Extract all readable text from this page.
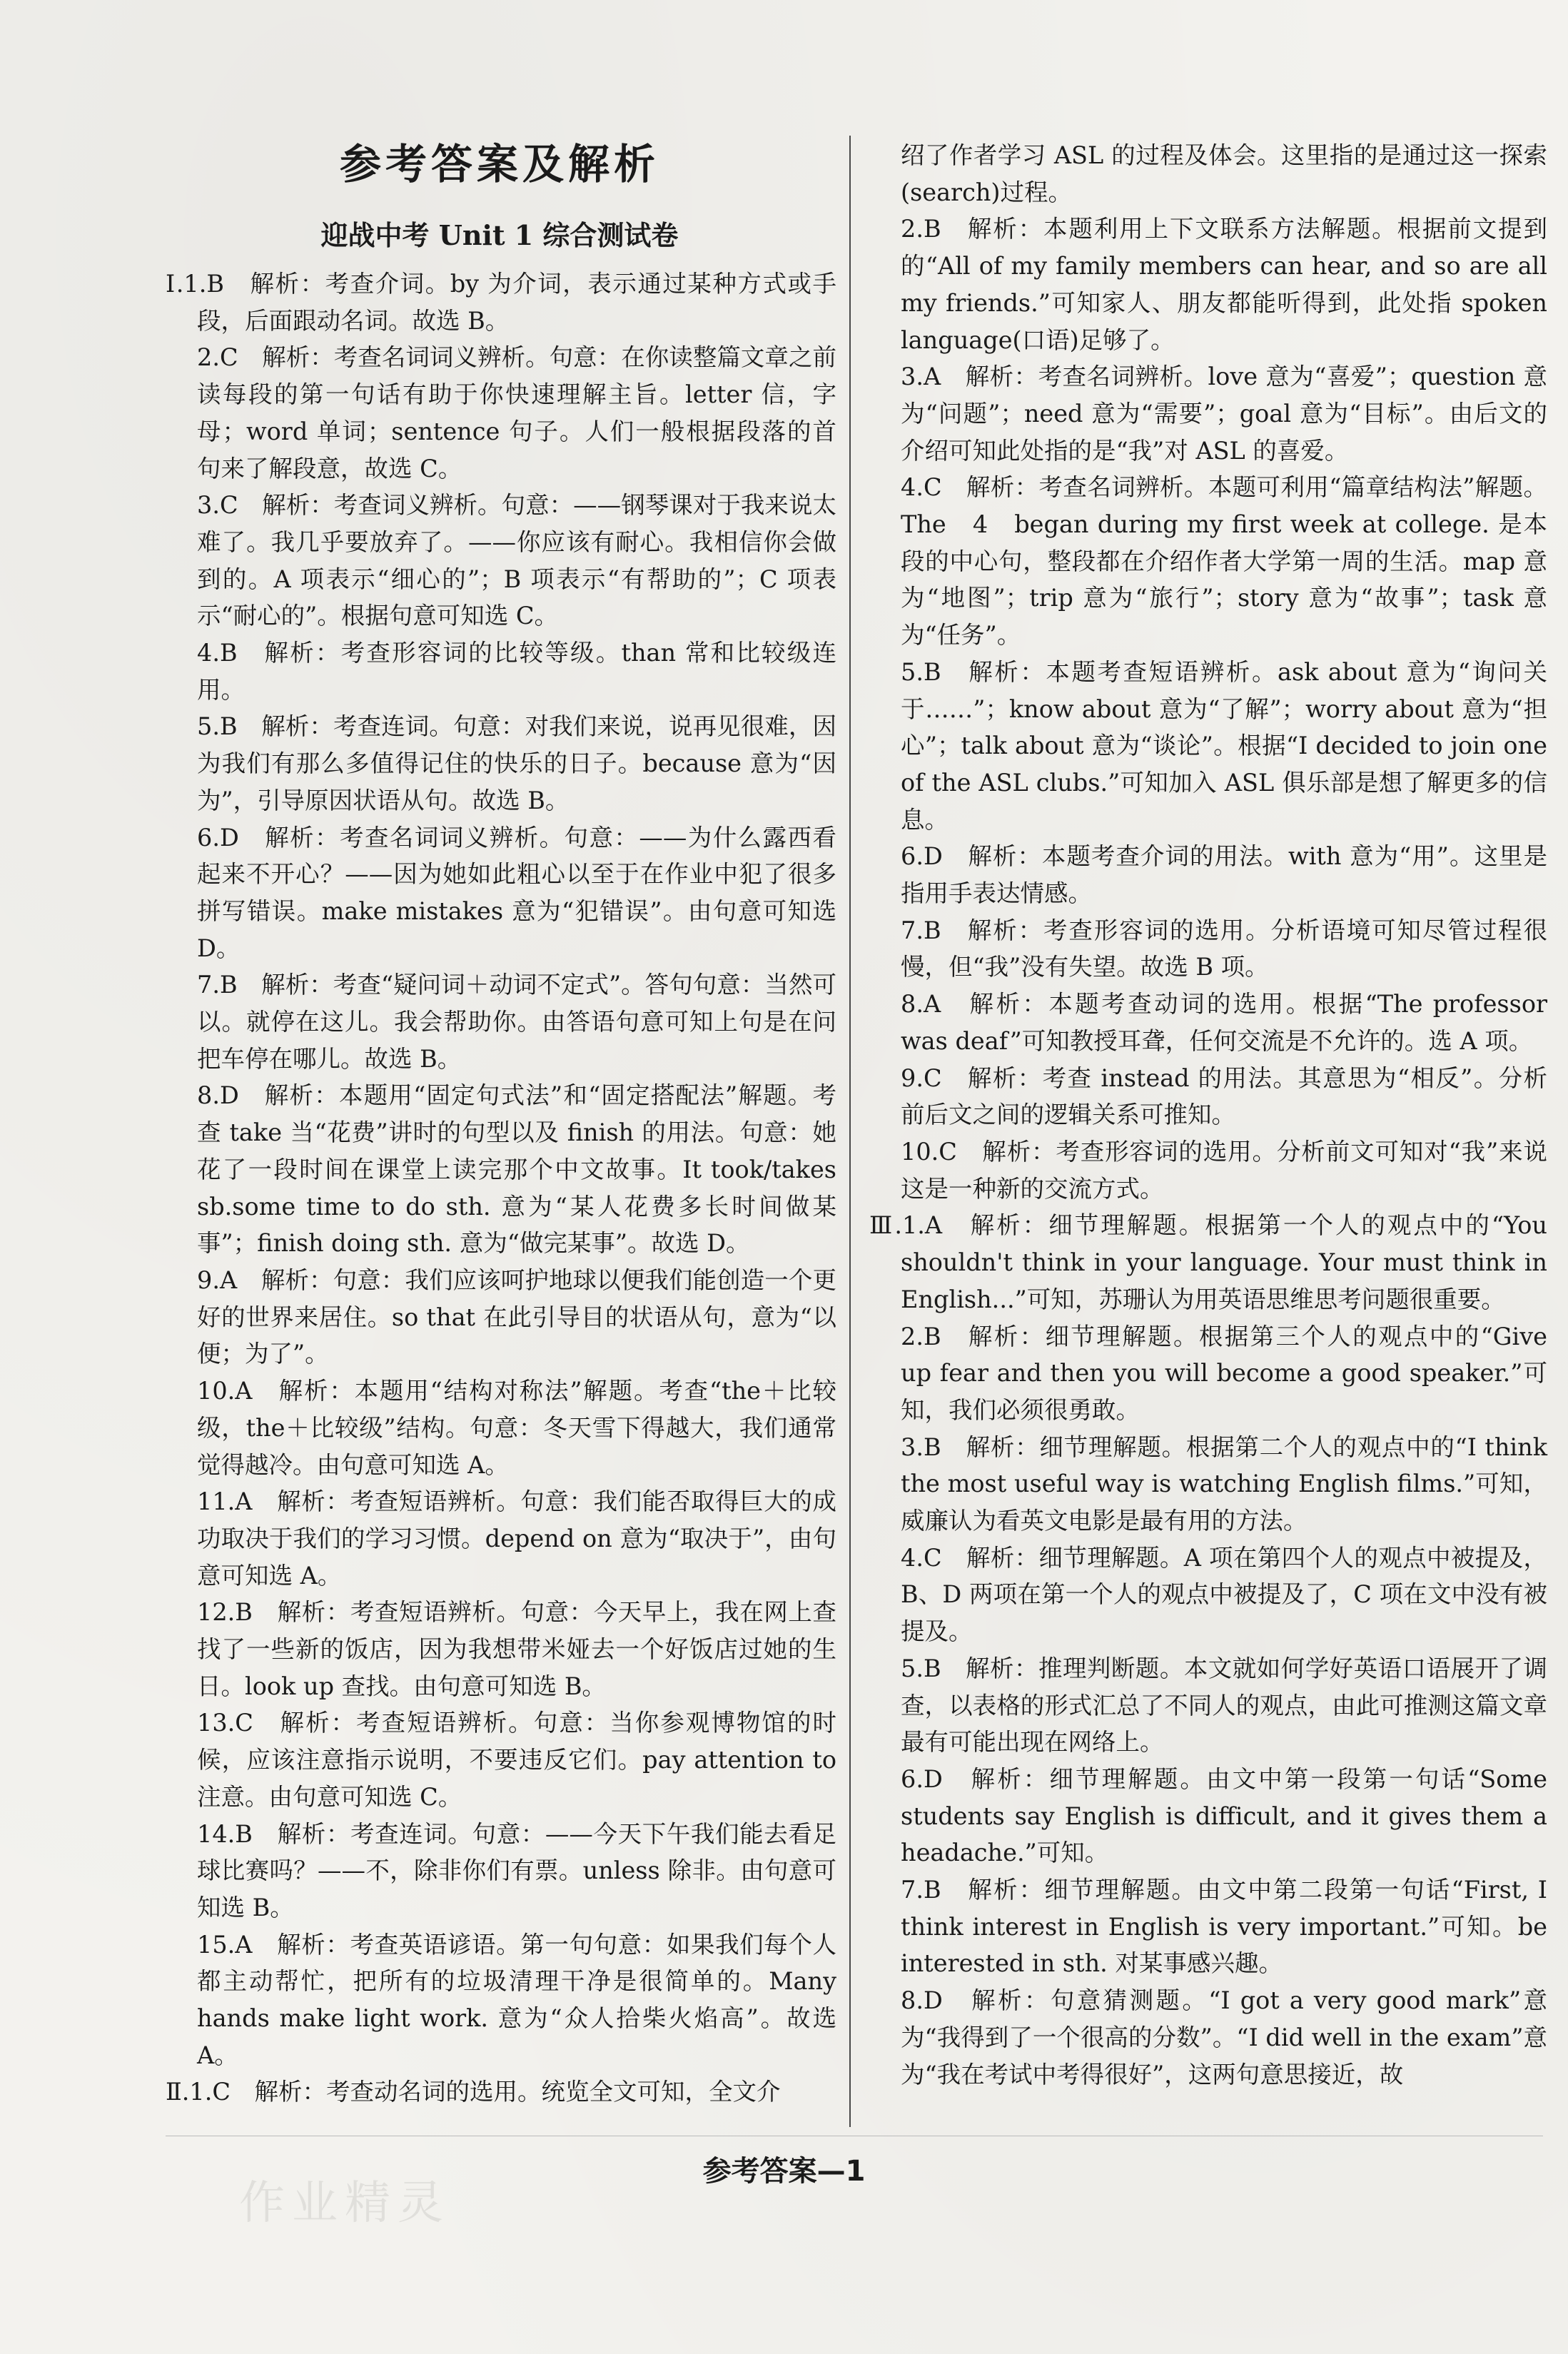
参考答案及解析
迎战中考 Unit 1 综合测试卷

Ⅰ.1.B　解析：考查介词。by 为介词，表示通过某种方式或手段，后面跟动名词。故选 B。

2.C　解析：考查名词词义辨析。句意：在你读整篇文章之前读每段的第一句话有助于你快速理解主旨。letter 信，字母；word 单词；sentence 句子。人们一般根据段落的首句来了解段意，故选 C。

3.C　解析：考查词义辨析。句意：——钢琴课对于我来说太难了。我几乎要放弃了。——你应该有耐心。我相信你会做到的。A 项表示“细心的”；B 项表示“有帮助的”；C 项表示“耐心的”。根据句意可知选 C。

4.B　解析：考查形容词的比较等级。than 常和比较级连用。

5.B　解析：考查连词。句意：对我们来说，说再见很难，因为我们有那么多值得记住的快乐的日子。because 意为“因为”，引导原因状语从句。故选 B。

6.D　解析：考查名词词义辨析。句意：——为什么露西看起来不开心？——因为她如此粗心以至于在作业中犯了很多拼写错误。make mistakes 意为“犯错误”。由句意可知选 D。

7.B　解析：考查“疑问词＋动词不定式”。答句句意：当然可以。就停在这儿。我会帮助你。由答语句意可知上句是在问把车停在哪儿。故选 B。

8.D　解析：本题用“固定句式法”和“固定搭配法”解题。考查 take 当“花费”讲时的句型以及 finish 的用法。句意：她花了一段时间在课堂上读完那个中文故事。It took/takes sb.some time to do sth. 意为“某人花费多长时间做某事”；finish doing sth. 意为“做完某事”。故选 D。

9.A　解析：句意：我们应该呵护地球以便我们能创造一个更好的世界来居住。so that 在此引导目的状语从句，意为“以便；为了”。

10.A　解析：本题用“结构对称法”解题。考查“the＋比较级，the＋比较级”结构。句意：冬天雪下得越大，我们通常觉得越冷。由句意可知选 A。

11.A　解析：考查短语辨析。句意：我们能否取得巨大的成功取决于我们的学习习惯。depend on 意为“取决于”，由句意可知选 A。

12.B　解析：考查短语辨析。句意：今天早上，我在网上查找了一些新的饭店，因为我想带米娅去一个好饭店过她的生日。look up 查找。由句意可知选 B。

13.C　解析：考查短语辨析。句意：当你参观博物馆的时候，应该注意指示说明，不要违反它们。pay attention to 注意。由句意可知选 C。

14.B　解析：考查连词。句意：——今天下午我们能去看足球比赛吗？——不，除非你们有票。unless 除非。由句意可知选 B。

15.A　解析：考查英语谚语。第一句句意：如果我们每个人都主动帮忙，把所有的垃圾清理干净是很简单的。Many hands make light work. 意为“众人拾柴火焰高”。故选 A。

Ⅱ.1.C　解析：考查动名词的选用。统览全文可知，全文介

绍了作者学习 ASL 的过程及体会。这里指的是通过这一探索(search)过程。

2.B　解析：本题利用上下文联系方法解题。根据前文提到的“All of my family members can hear, and so are all my friends.”可知家人、朋友都能听得到，此处指 spoken language(口语)足够了。

3.A　解析：考查名词辨析。love 意为“喜爱”；question 意为“问题”；need 意为“需要”；goal 意为“目标”。由后文的介绍可知此处指的是“我”对 ASL 的喜爱。

4.C　解析：考查名词辨析。本题可利用“篇章结构法”解题。The　4　began during my first week at college. 是本段的中心句，整段都在介绍作者大学第一周的生活。map 意为“地图”；trip 意为“旅行”；story 意为“故事”；task 意为“任务”。

5.B　解析：本题考查短语辨析。ask about 意为“询问关于……”；know about 意为“了解”；worry about 意为“担心”；talk about 意为“谈论”。根据“I decided to join one of the ASL clubs.”可知加入 ASL 俱乐部是想了解更多的信息。

6.D　解析：本题考查介词的用法。with 意为“用”。这里是指用手表达情感。

7.B　解析：考查形容词的选用。分析语境可知尽管过程很慢，但“我”没有失望。故选 B 项。

8.A　解析：本题考查动词的选用。根据“The professor was deaf”可知教授耳聋，任何交流是不允许的。选 A 项。

9.C　解析：考查 instead 的用法。其意思为“相反”。分析前后文之间的逻辑关系可推知。

10.C　解析：考查形容词的选用。分析前文可知对“我”来说这是一种新的交流方式。

Ⅲ.1.A　解析：细节理解题。根据第一个人的观点中的“You shouldn't think in your language. Your must think in English...”可知，苏珊认为用英语思维思考问题很重要。

2.B　解析：细节理解题。根据第三个人的观点中的“Give up fear and then you will become a good speaker.”可知，我们必须很勇敢。

3.B　解析：细节理解题。根据第二个人的观点中的“I think the most useful way is watching English films.”可知，威廉认为看英文电影是最有用的方法。

4.C　解析：细节理解题。A 项在第四个人的观点中被提及，B、D 两项在第一个人的观点中被提及了，C 项在文中没有被提及。

5.B　解析：推理判断题。本文就如何学好英语口语展开了调查，以表格的形式汇总了不同人的观点，由此可推测这篇文章最有可能出现在网络上。

6.D　解析：细节理解题。由文中第一段第一句话“Some students say English is difficult, and it gives them a headache.”可知。

7.B　解析：细节理解题。由文中第二段第一句话“First, I think interest in English is very important.”可知。be interested in sth. 对某事感兴趣。

8.D　解析：句意猜测题。“I got a very good mark”意为“我得到了一个很高的分数”。“I did well in the exam”意为“我在考试中考得很好”，这两句意思接近，故

参考答案—1
作业精灵
